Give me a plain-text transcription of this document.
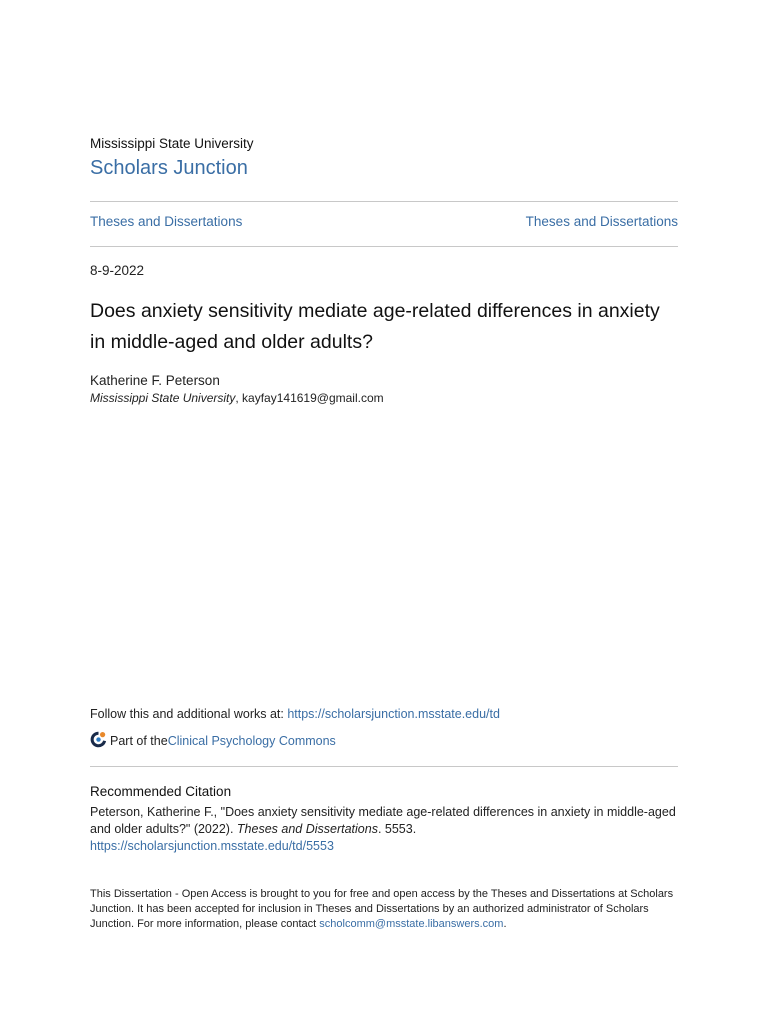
Mississippi State University
Scholars Junction
Theses and Dissertations	Theses and Dissertations
8-9-2022
Does anxiety sensitivity mediate age-related differences in anxiety in middle-aged and older adults?
Katherine F. Peterson
Mississippi State University, kayfay141619@gmail.com
Follow this and additional works at: https://scholarsjunction.msstate.edu/td
Part of the Clinical Psychology Commons
Recommended Citation
Peterson, Katherine F., "Does anxiety sensitivity mediate age-related differences in anxiety in middle-aged and older adults?" (2022). Theses and Dissertations. 5553.
https://scholarsjunction.msstate.edu/td/5553
This Dissertation - Open Access is brought to you for free and open access by the Theses and Dissertations at Scholars Junction. It has been accepted for inclusion in Theses and Dissertations by an authorized administrator of Scholars Junction. For more information, please contact scholcomm@msstate.libanswers.com.
